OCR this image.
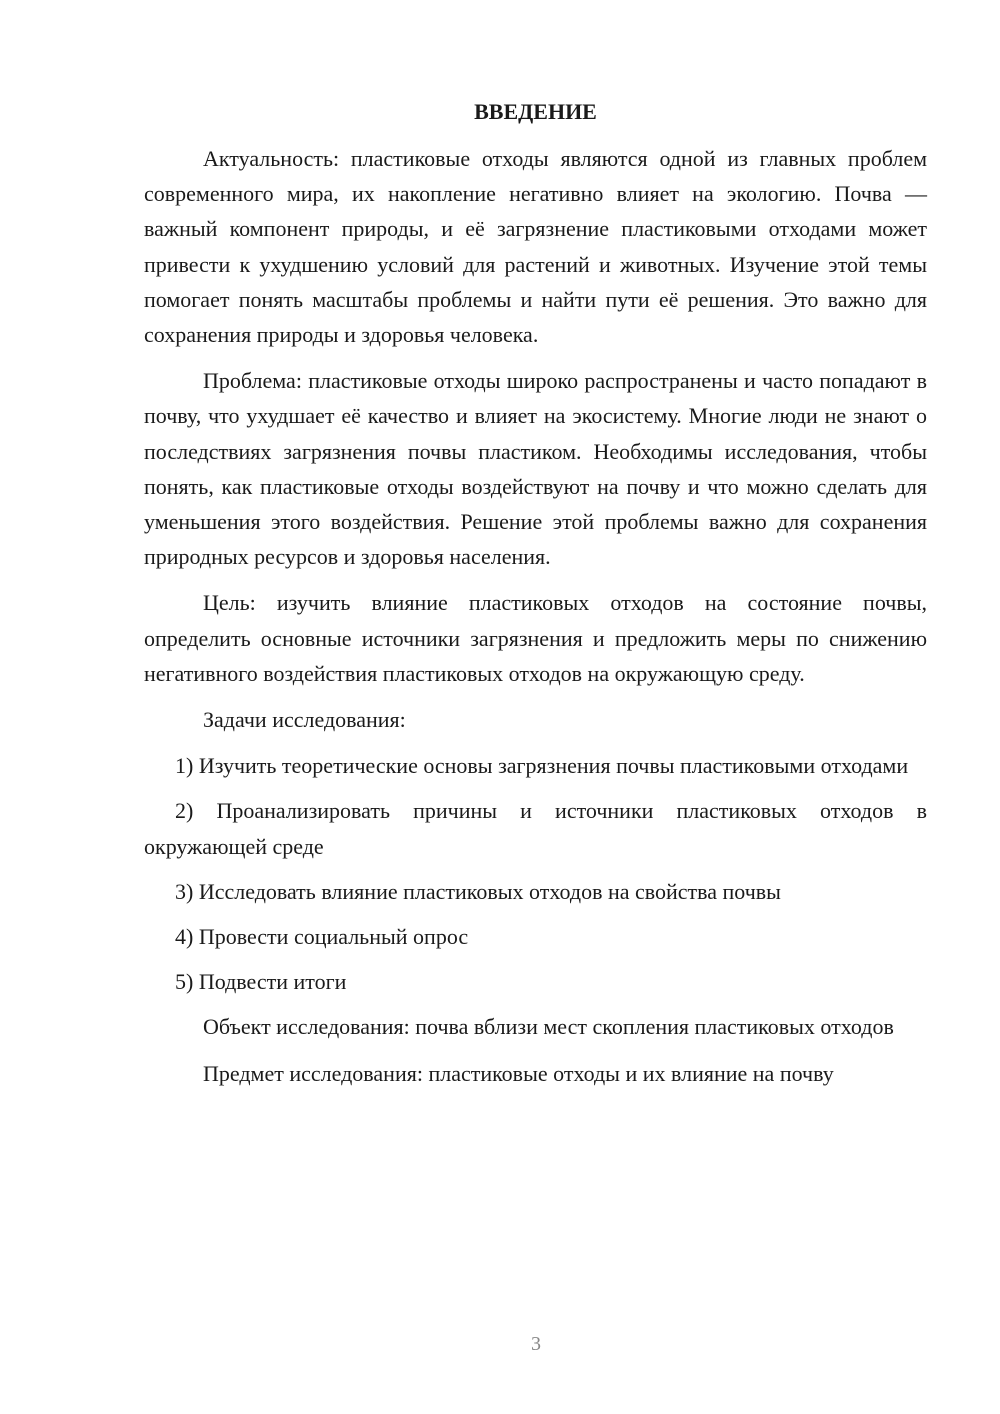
ВВЕДЕНИЕ

Актуальность: пластиковые отходы являются одной из главных проблем современного мира, их накопление негативно влияет на экологию. Почва — важный компонент природы, и её загрязнение пластиковыми отходами может привести к ухудшению условий для растений и животных. Изучение этой темы помогает понять масштабы проблемы и найти пути её решения. Это важно для сохранения природы и здоровья человека.

Проблема: пластиковые отходы широко распространены и часто попадают в почву, что ухудшает её качество и влияет на экосистему. Многие люди не знают о последствиях загрязнения почвы пластиком. Необходимы исследования, чтобы понять, как пластиковые отходы воздействуют на почву и что можно сделать для уменьшения этого воздействия. Решение этой проблемы важно для сохранения природных ресурсов и здоровья населения.

Цель: изучить влияние пластиковых отходов на состояние почвы, определить основные источники загрязнения и предложить меры по снижению негативного воздействия пластиковых отходов на окружающую среду.

Задачи исследования:

1) Изучить теоретические основы загрязнения почвы пластиковыми отходами

2) Проанализировать причины и источники пластиковых отходов в окружающей среде

3) Исследовать влияние пластиковых отходов на свойства почвы

4) Провести социальный опрос

5) Подвести итоги

Объект исследования: почва вблизи мест скопления пластиковых отходов

Предмет исследования: пластиковые отходы и их влияние на почву

3
